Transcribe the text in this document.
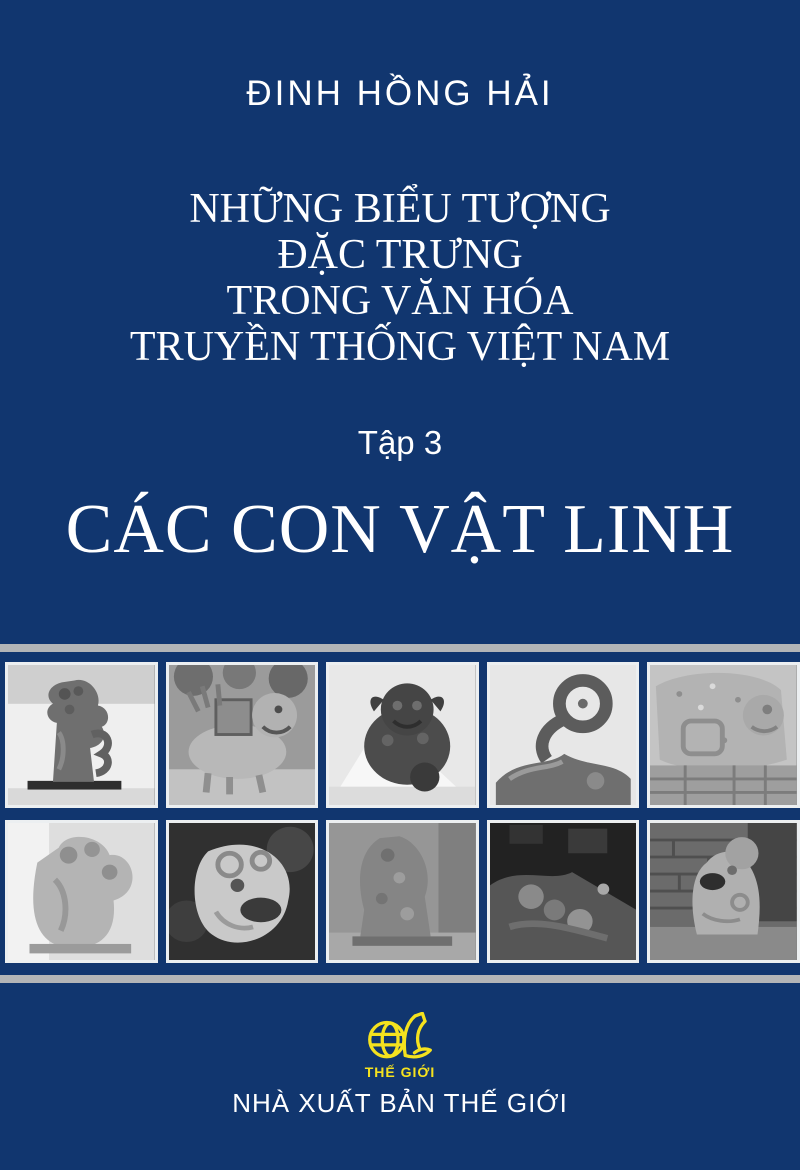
ĐINH HỒNG HẢI
NHỮNG BIỂU TƯỢNG
ĐẶC TRƯNG
TRONG VĂN HÓA
TRUYỀN THỐNG VIỆT NAM
Tập 3
CÁC CON VẬT LINH
THẾ GIỚI
NHÀ XUẤT BẢN THẾ GIỚI
